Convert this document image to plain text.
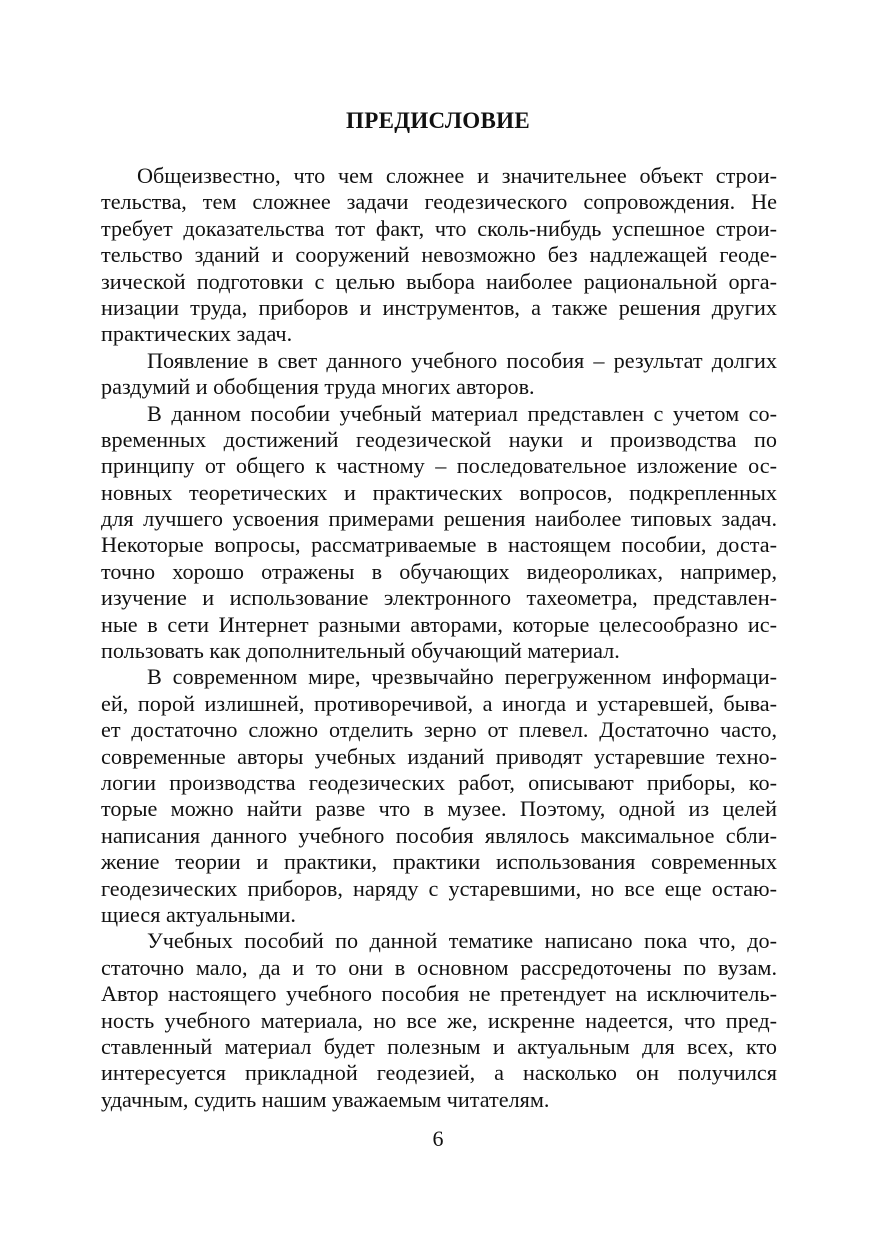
ПРЕДИСЛОВИЕ
Общеизвестно, что чем сложнее и значительнее объект строи-
тельства, тем сложнее задачи геодезического сопровождения. Не
требует доказательства тот факт, что сколь-нибудь успешное строи-
тельство зданий и сооружений невозможно без надлежащей геоде-
зической подготовки с целью выбора наиболее рациональной орга-
низации труда, приборов и инструментов, а также решения других
практических задач.
Появление в свет данного учебного пособия – результат долгих
раздумий и обобщения труда многих авторов.
В данном пособии учебный материал представлен с учетом со-
временных достижений геодезической науки и производства по
принципу от общего к частному – последовательное изложение ос-
новных теоретических и практических вопросов, подкрепленных
для лучшего усвоения примерами решения наиболее типовых задач.
Некоторые вопросы, рассматриваемые в настоящем пособии, доста-
точно хорошо отражены в обучающих видеороликах, например,
изучение и использование электронного тахеометра, представлен-
ные в сети Интернет разными авторами, которые целесообразно ис-
пользовать как дополнительный обучающий материал.
В современном мире, чрезвычайно перегруженном информаци-
ей, порой излишней, противоречивой, а иногда и устаревшей, быва-
ет достаточно сложно отделить зерно от плевел. Достаточно часто,
современные авторы учебных изданий приводят устаревшие техно-
логии производства геодезических работ, описывают приборы, ко-
торые можно найти разве что в музее. Поэтому, одной из целей
написания данного учебного пособия являлось максимальное сбли-
жение теории и практики, практики использования современных
геодезических приборов, наряду с устаревшими, но все еще остаю-
щиеся актуальными.
Учебных пособий по данной тематике написано пока что, до-
статочно мало, да и то они в основном рассредоточены по вузам.
Автор настоящего учебного пособия не претендует на исключитель-
ность учебного материала, но все же, искренне надеется, что пред-
ставленный материал будет полезным и актуальным для всех, кто
интересуется прикладной геодезией, а насколько он получился
удачным, судить нашим уважаемым читателям.
6
